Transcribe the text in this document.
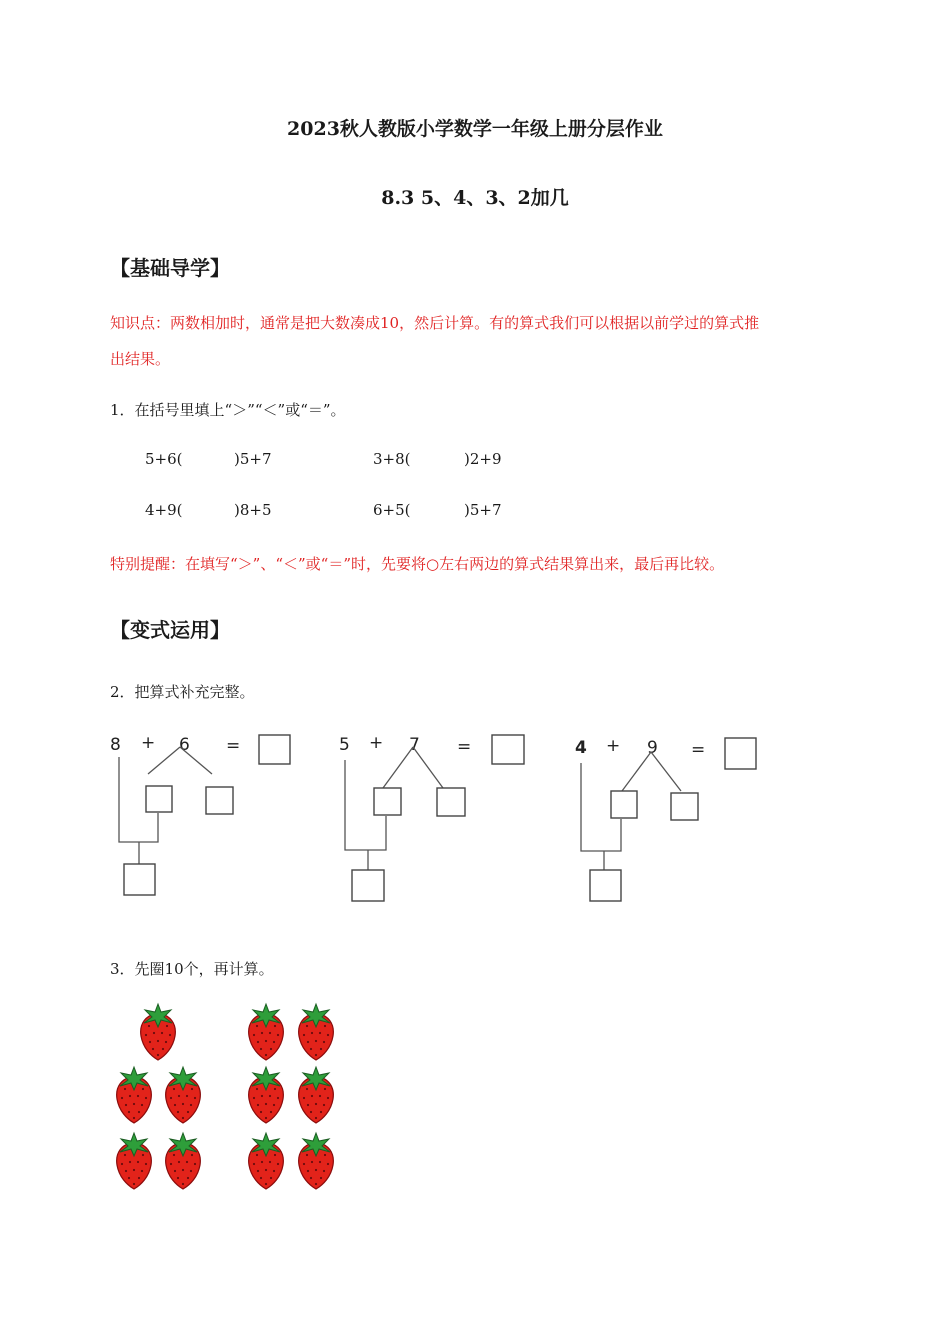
2023秋人教版小学数学一年级上册分层作业
8.3 5、4、3、2加几
【基础导学】
知识点：两数相加时，通常是把大数凑成10，然后计算。有的算式我们可以根据以前学过的算式推
出结果。
1．在括号里填上“＞”“＜”或“＝”。
5+6(	)5+7	3+8(	)2+9
4+9(	)8+5	6+5(	)5+7
特别提醒：在填写“＞”、“＜”或“＝”时，先要将○左右两边的算式结果算出来，最后再比较。
【变式运用】
2．把算式补充完整。
8 + 6 =	5 + 7 =	4 + 9 =
3．先圈10个，再计算。
